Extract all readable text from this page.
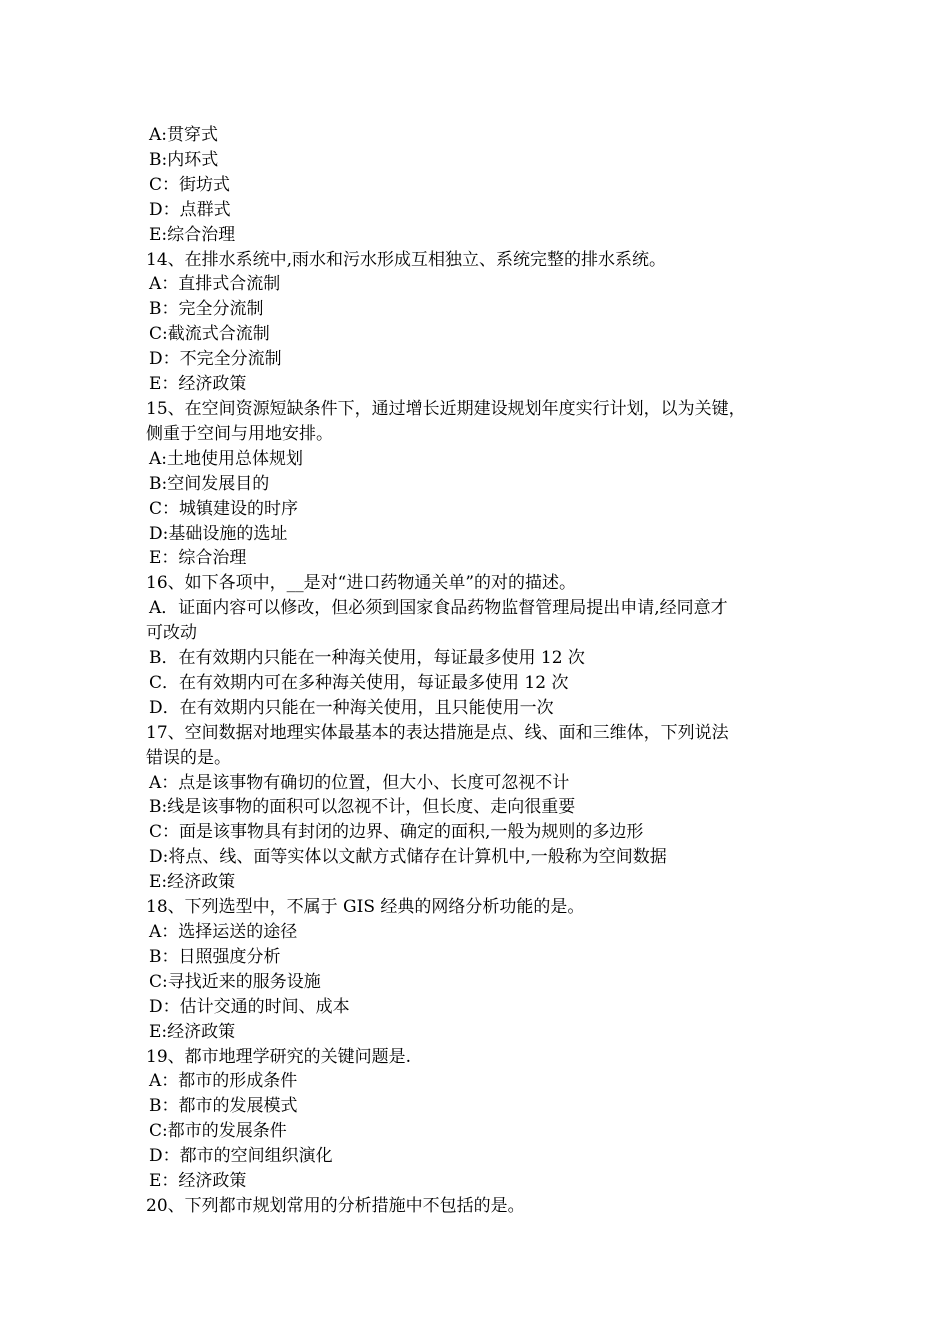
A:贯穿式
B:内环式
C：街坊式
D：点群式
E:综合治理
14、在排水系统中,雨水和污水形成互相独立、系统完整的排水系统。
A：直排式合流制
B：完全分流制
C:截流式合流制
D：不完全分流制
E：经济政策
15、在空间资源短缺条件下，通过增长近期建设规划年度实行计划，以为关键，
侧重于空间与用地安排。
A:土地使用总体规划
B:空间发展目的
C：城镇建设的时序
D:基础设施的选址
E：综合治理
16、如下各项中，__是对“进口药物通关单”的对的描述。
A．证面内容可以修改，但必须到国家食品药物监督管理局提出申请,经同意才
可改动
B．在有效期内只能在一种海关使用，每证最多使用 12 次
C．在有效期内可在多种海关使用，每证最多使用 12 次
D．在有效期内只能在一种海关使用，且只能使用一次
17、空间数据对地理实体最基本的表达措施是点、线、面和三维体，下列说法
错误的是。
A：点是该事物有确切的位置，但大小、长度可忽视不计
B:线是该事物的面积可以忽视不计，但长度、走向很重要
C：面是该事物具有封闭的边界、确定的面积,一般为规则的多边形
D:将点、线、面等实体以文献方式储存在计算机中,一般称为空间数据
E:经济政策
18、下列选型中，不属于 GIS 经典的网络分析功能的是。
A：选择运送的途径
B：日照强度分析
C:寻找近来的服务设施
D：估计交通的时间、成本
E:经济政策
19、都市地理学研究的关键问题是.
A：都市的形成条件
B：都市的发展模式
C:都市的发展条件
D：都市的空间组织演化
E：经济政策
20、下列都市规划常用的分析措施中不包括的是。
